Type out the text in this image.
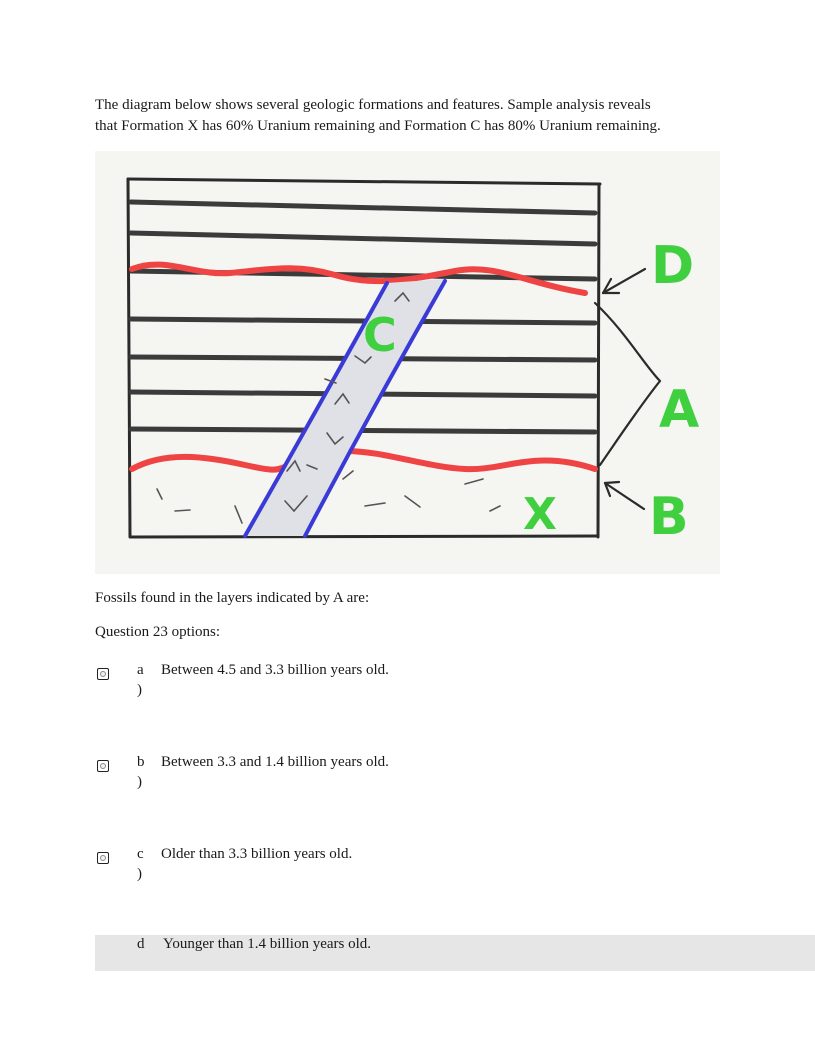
The diagram below shows several geologic formations and features. Sample analysis reveals

that Formation X has 60% Uranium remaining and Formation C has 80% Uranium remaining.

C
D
A
B
X
Fossils found in the layers indicated by A are:
Question 23 options:
a
)
Between 4.5 and 3.3 billion years old.
b
)
Between 3.3 and 1.4 billion years old.
c
)
Older than 3.3 billion years old.
d Younger than 1.4 billion years old.
